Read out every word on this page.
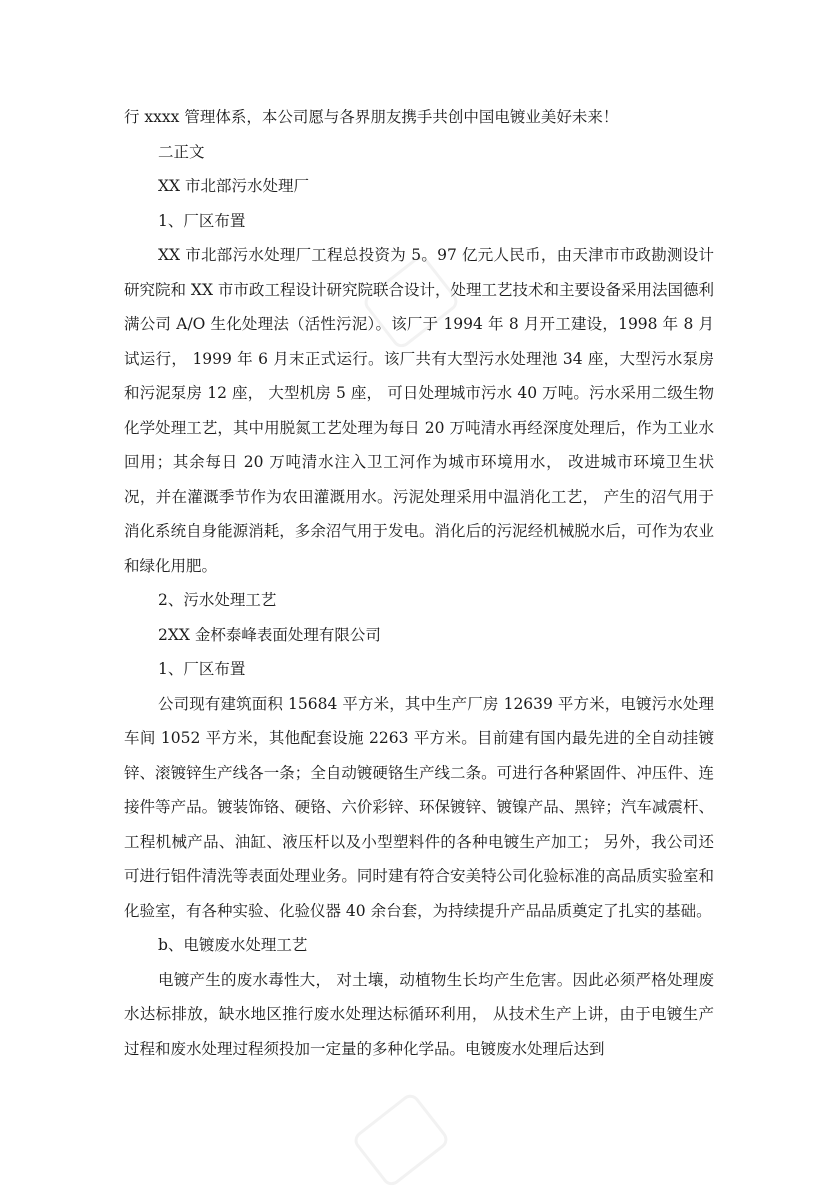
行 xxxx 管理体系，本公司愿与各界朋友携手共创中国电镀业美好未来！

二正文

XX 市北部污水处理厂

1、厂区布置

XX 市北部污水处理厂工程总投资为 5。97 亿元人民币，由天津市市政勘测设计研究院和 XX 市市政工程设计研究院联合设计，处理工艺技术和主要设备采用法国德利满公司 A/O 生化处理法（活性污泥）。该厂于 1994 年 8 月开工建设，1998 年 8 月试运行， 1999 年 6 月末正式运行。该厂共有大型污水处理池 34 座，大型污水泵房和污泥泵房 12 座， 大型机房 5 座， 可日处理城市污水 40 万吨。污水采用二级生物化学处理工艺，其中用脱氮工艺处理为每日 20 万吨清水再经深度处理后，作为工业水回用；其余每日 20 万吨清水注入卫工河作为城市环境用水， 改进城市环境卫生状况，并在灌溉季节作为农田灌溉用水。污泥处理采用中温消化工艺， 产生的沼气用于消化系统自身能源消耗，多余沼气用于发电。消化后的污泥经机械脱水后，可作为农业和绿化用肥。

2、污水处理工艺

2XX 金杯泰峰表面处理有限公司

1、厂区布置

公司现有建筑面积 15684 平方米，其中生产厂房 12639 平方米，电镀污水处理车间 1052 平方米，其他配套设施 2263 平方米。目前建有国内最先进的全自动挂镀锌、滚镀锌生产线各一条；全自动镀硬铬生产线二条。可进行各种紧固件、冲压件、连接件等产品。镀装饰铬、硬铬、六价彩锌、环保镀锌、镀镍产品、黑锌；汽车减震杆、工程机械产品、油缸、液压杆以及小型塑料件的各种电镀生产加工； 另外，我公司还可进行铝件清洗等表面处理业务。同时建有符合安美特公司化验标准的高品质实验室和化验室，有各种实验、化验仪器 40 余台套，为持续提升产品品质奠定了扎实的基础。

b、电镀废水处理工艺

电镀产生的废水毒性大， 对土壤，动植物生长均产生危害。因此必须严格处理废水达标排放，缺水地区推行废水处理达标循环利用， 从技术生产上讲，由于电镀生产过程和废水处理过程须投加一定量的多种化学品。电镀废水处理后达到
